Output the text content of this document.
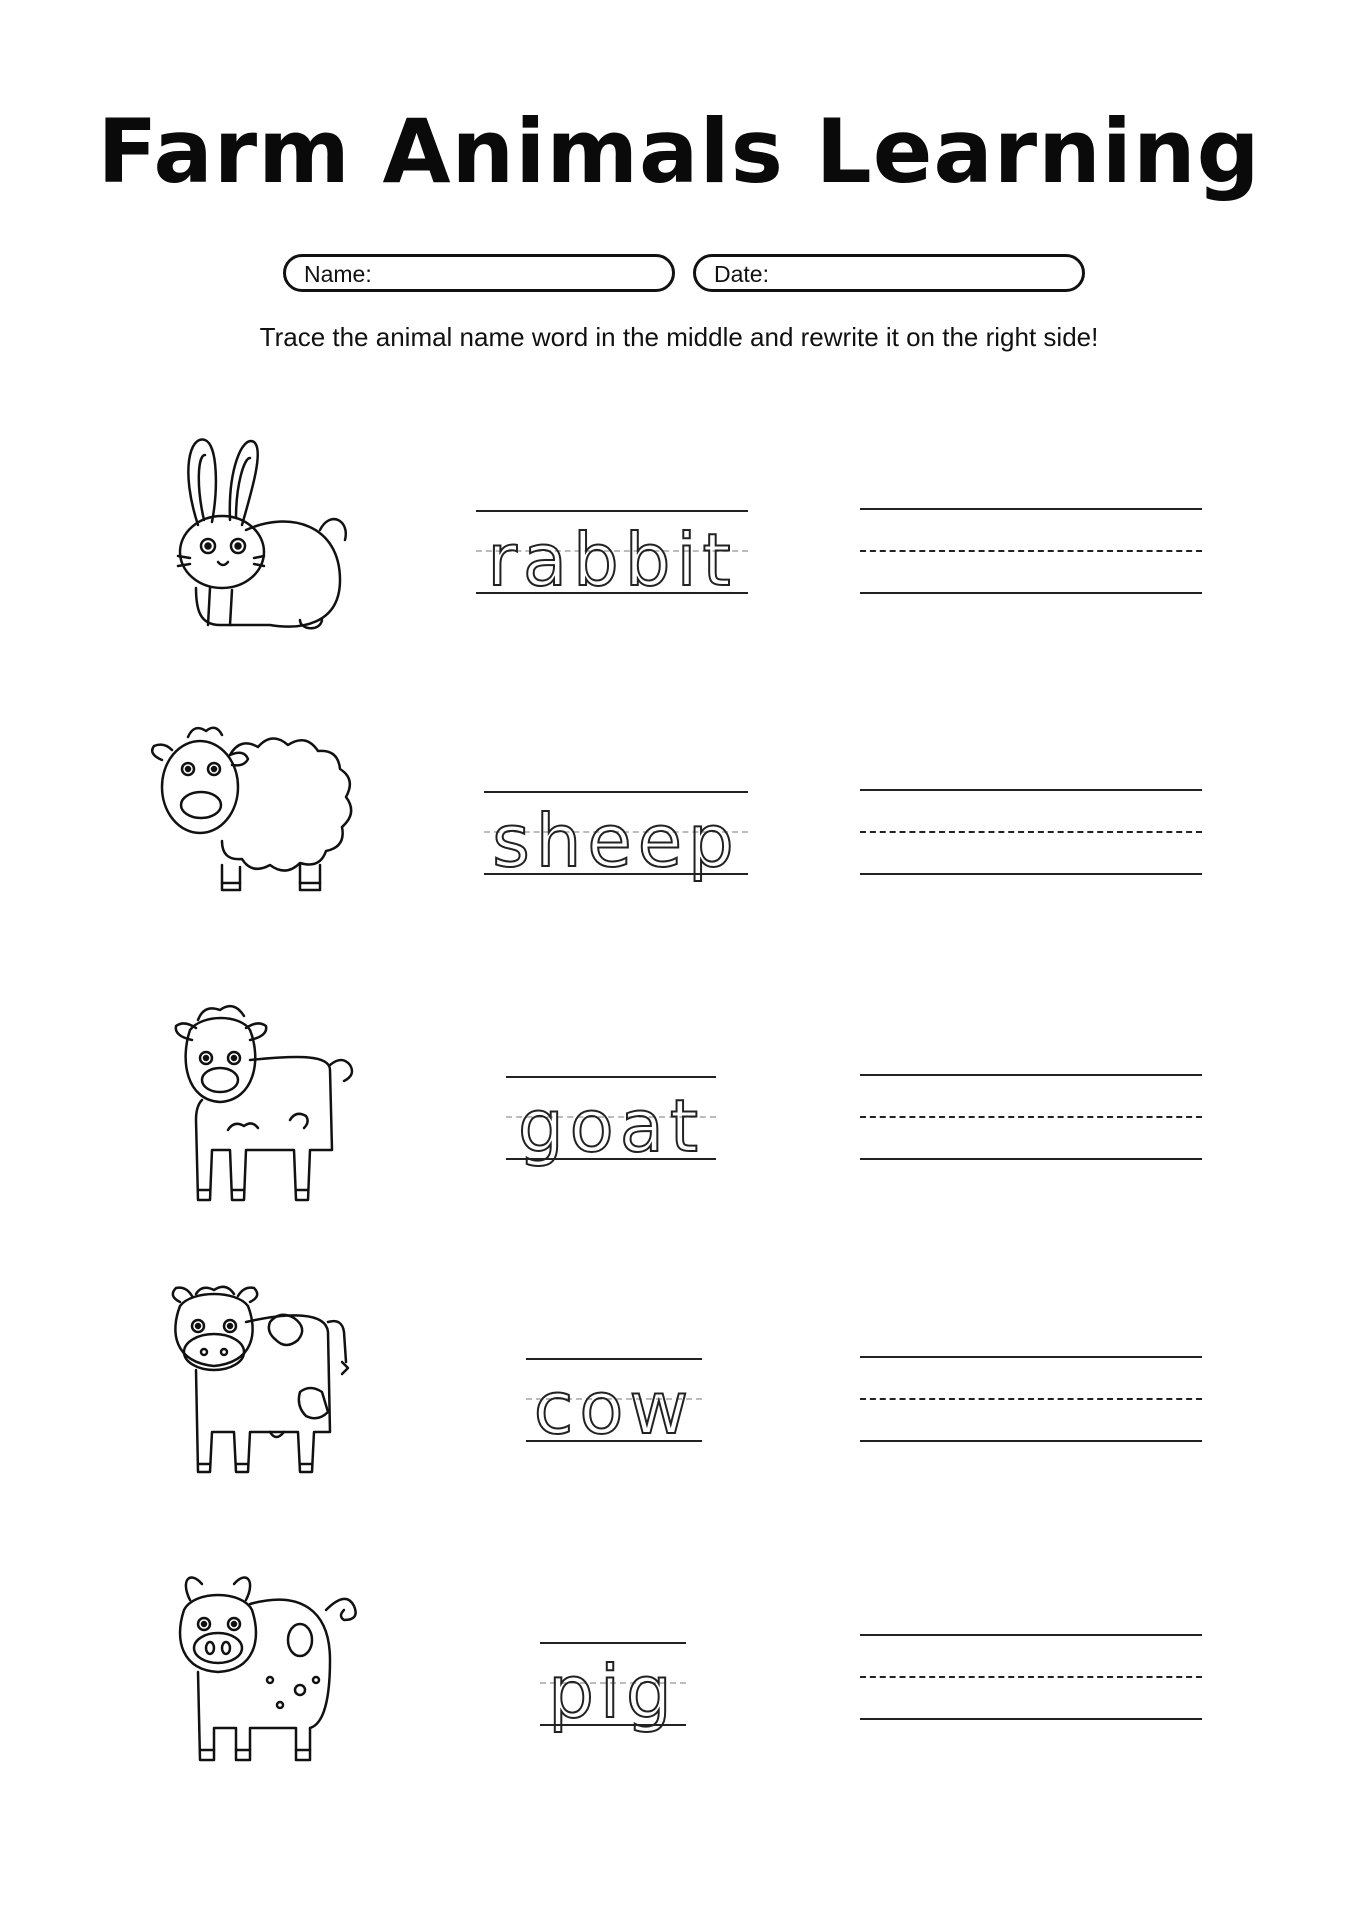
Farm Animals Learning
Name:	Date:
Trace the animal name word in the middle and rewrite it on the right side!
rabbit
sheep
goat
cow
pig
